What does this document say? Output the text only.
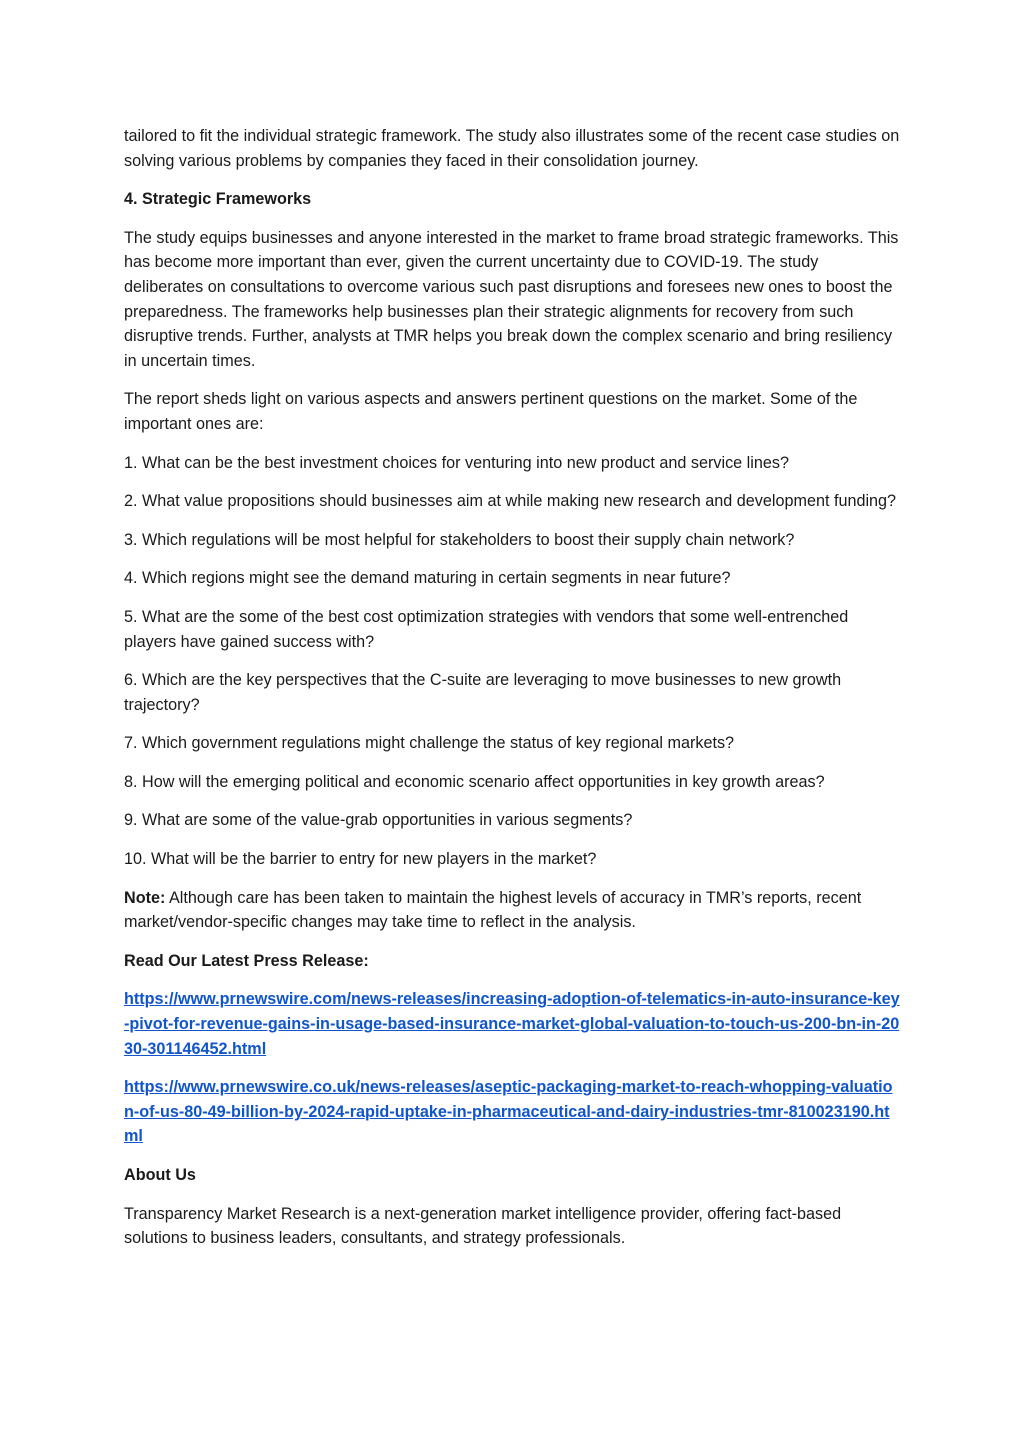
tailored to fit the individual strategic framework. The study also illustrates some of the recent case studies on solving various problems by companies they faced in their consolidation journey.

4. Strategic Frameworks

The study equips businesses and anyone interested in the market to frame broad strategic frameworks. This has become more important than ever, given the current uncertainty due to COVID-19. The study deliberates on consultations to overcome various such past disruptions and foresees new ones to boost the preparedness. The frameworks help businesses plan their strategic alignments for recovery from such disruptive trends. Further, analysts at TMR helps you break down the complex scenario and bring resiliency in uncertain times.

The report sheds light on various aspects and answers pertinent questions on the market. Some of the important ones are:

1. What can be the best investment choices for venturing into new product and service lines?

2. What value propositions should businesses aim at while making new research and development funding?

3. Which regulations will be most helpful for stakeholders to boost their supply chain network?

4. Which regions might see the demand maturing in certain segments in near future?

5. What are the some of the best cost optimization strategies with vendors that some well-entrenched players have gained success with?

6. Which are the key perspectives that the C-suite are leveraging to move businesses to new growth trajectory?

7. Which government regulations might challenge the status of key regional markets?

8. How will the emerging political and economic scenario affect opportunities in key growth areas?

9. What are some of the value-grab opportunities in various segments?

10. What will be the barrier to entry for new players in the market?

Note: Although care has been taken to maintain the highest levels of accuracy in TMR’s reports, recent market/vendor-specific changes may take time to reflect in the analysis.

Read Our Latest Press Release:

https://www.prnewswire.com/news-releases/increasing-adoption-of-telematics-in-auto-insurance-key-pivot-for-revenue-gains-in-usage-based-insurance-market-global-valuation-to-touch-us-200-bn-in-2030-301146452.html

https://www.prnewswire.co.uk/news-releases/aseptic-packaging-market-to-reach-whopping-valuation-of-us-80-49-billion-by-2024-rapid-uptake-in-pharmaceutical-and-dairy-industries-tmr-810023190.html

About Us

Transparency Market Research is a next-generation market intelligence provider, offering fact-based solutions to business leaders, consultants, and strategy professionals.
